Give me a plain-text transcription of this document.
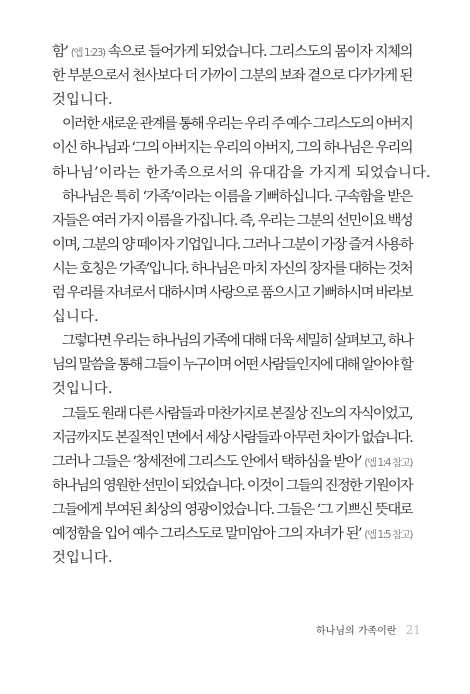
함’ (엡 1:23) 속으로 들어가게 되었습니다. 그리스도의 몸이자 지체의
한 부분으로서 천사보다 더 가까이 그분의 보좌 곁으로 다가가게 된
것입니다.
이러한 새로운 관계를 통해 우리는 우리 주 예수 그리스도의 아버지
이신 하나님과 ‘그의 아버지는 우리의 아버지, 그의 하나님은 우리의
하나님’이라는 한가족으로서의 유대감을 가지게 되었습니다.
하나님은 특히 ‘가족’이라는 이름을 기뻐하십니다. 구속함을 받은
자들은 여러 가지 이름을 가집니다. 즉, 우리는 그분의 선민이요 백성
이며, 그분의 양 떼이자 기업입니다. 그러나 그분이 가장 즐겨 사용하
시는 호칭은 ‘가족’입니다. 하나님은 마치 자신의 장자를 대하는 것처
럼 우리를 자녀로서 대하시며 사랑으로 품으시고 기뻐하시며 바라보
십니다.
그렇다면 우리는 하나님의 가족에 대해 더욱 세밀히 살펴보고, 하나
님의 말씀을 통해 그들이 누구이며 어떤 사람들인지에 대해 알아야 할
것입니다.
그들도 원래 다른 사람들과 마찬가지로 본질상 진노의 자식이었고,
지금까지도 본질적인 면에서 세상 사람들과 아무런 차이가 없습니다.
그러나 그들은 ‘창세전에 그리스도 안에서 택하심을 받아’ (엡 1:4 참고)
하나님의 영원한 선민이 되었습니다. 이것이 그들의 진정한 기원이자
그들에게 부여된 최상의 영광이었습니다. 그들은 ‘그 기쁘신 뜻대로
예정함을 입어 예수 그리스도로 말미암아 그의 자녀가 된’ (엡 1:5 참고)
것입니다.
하나님의 가족이란 21
